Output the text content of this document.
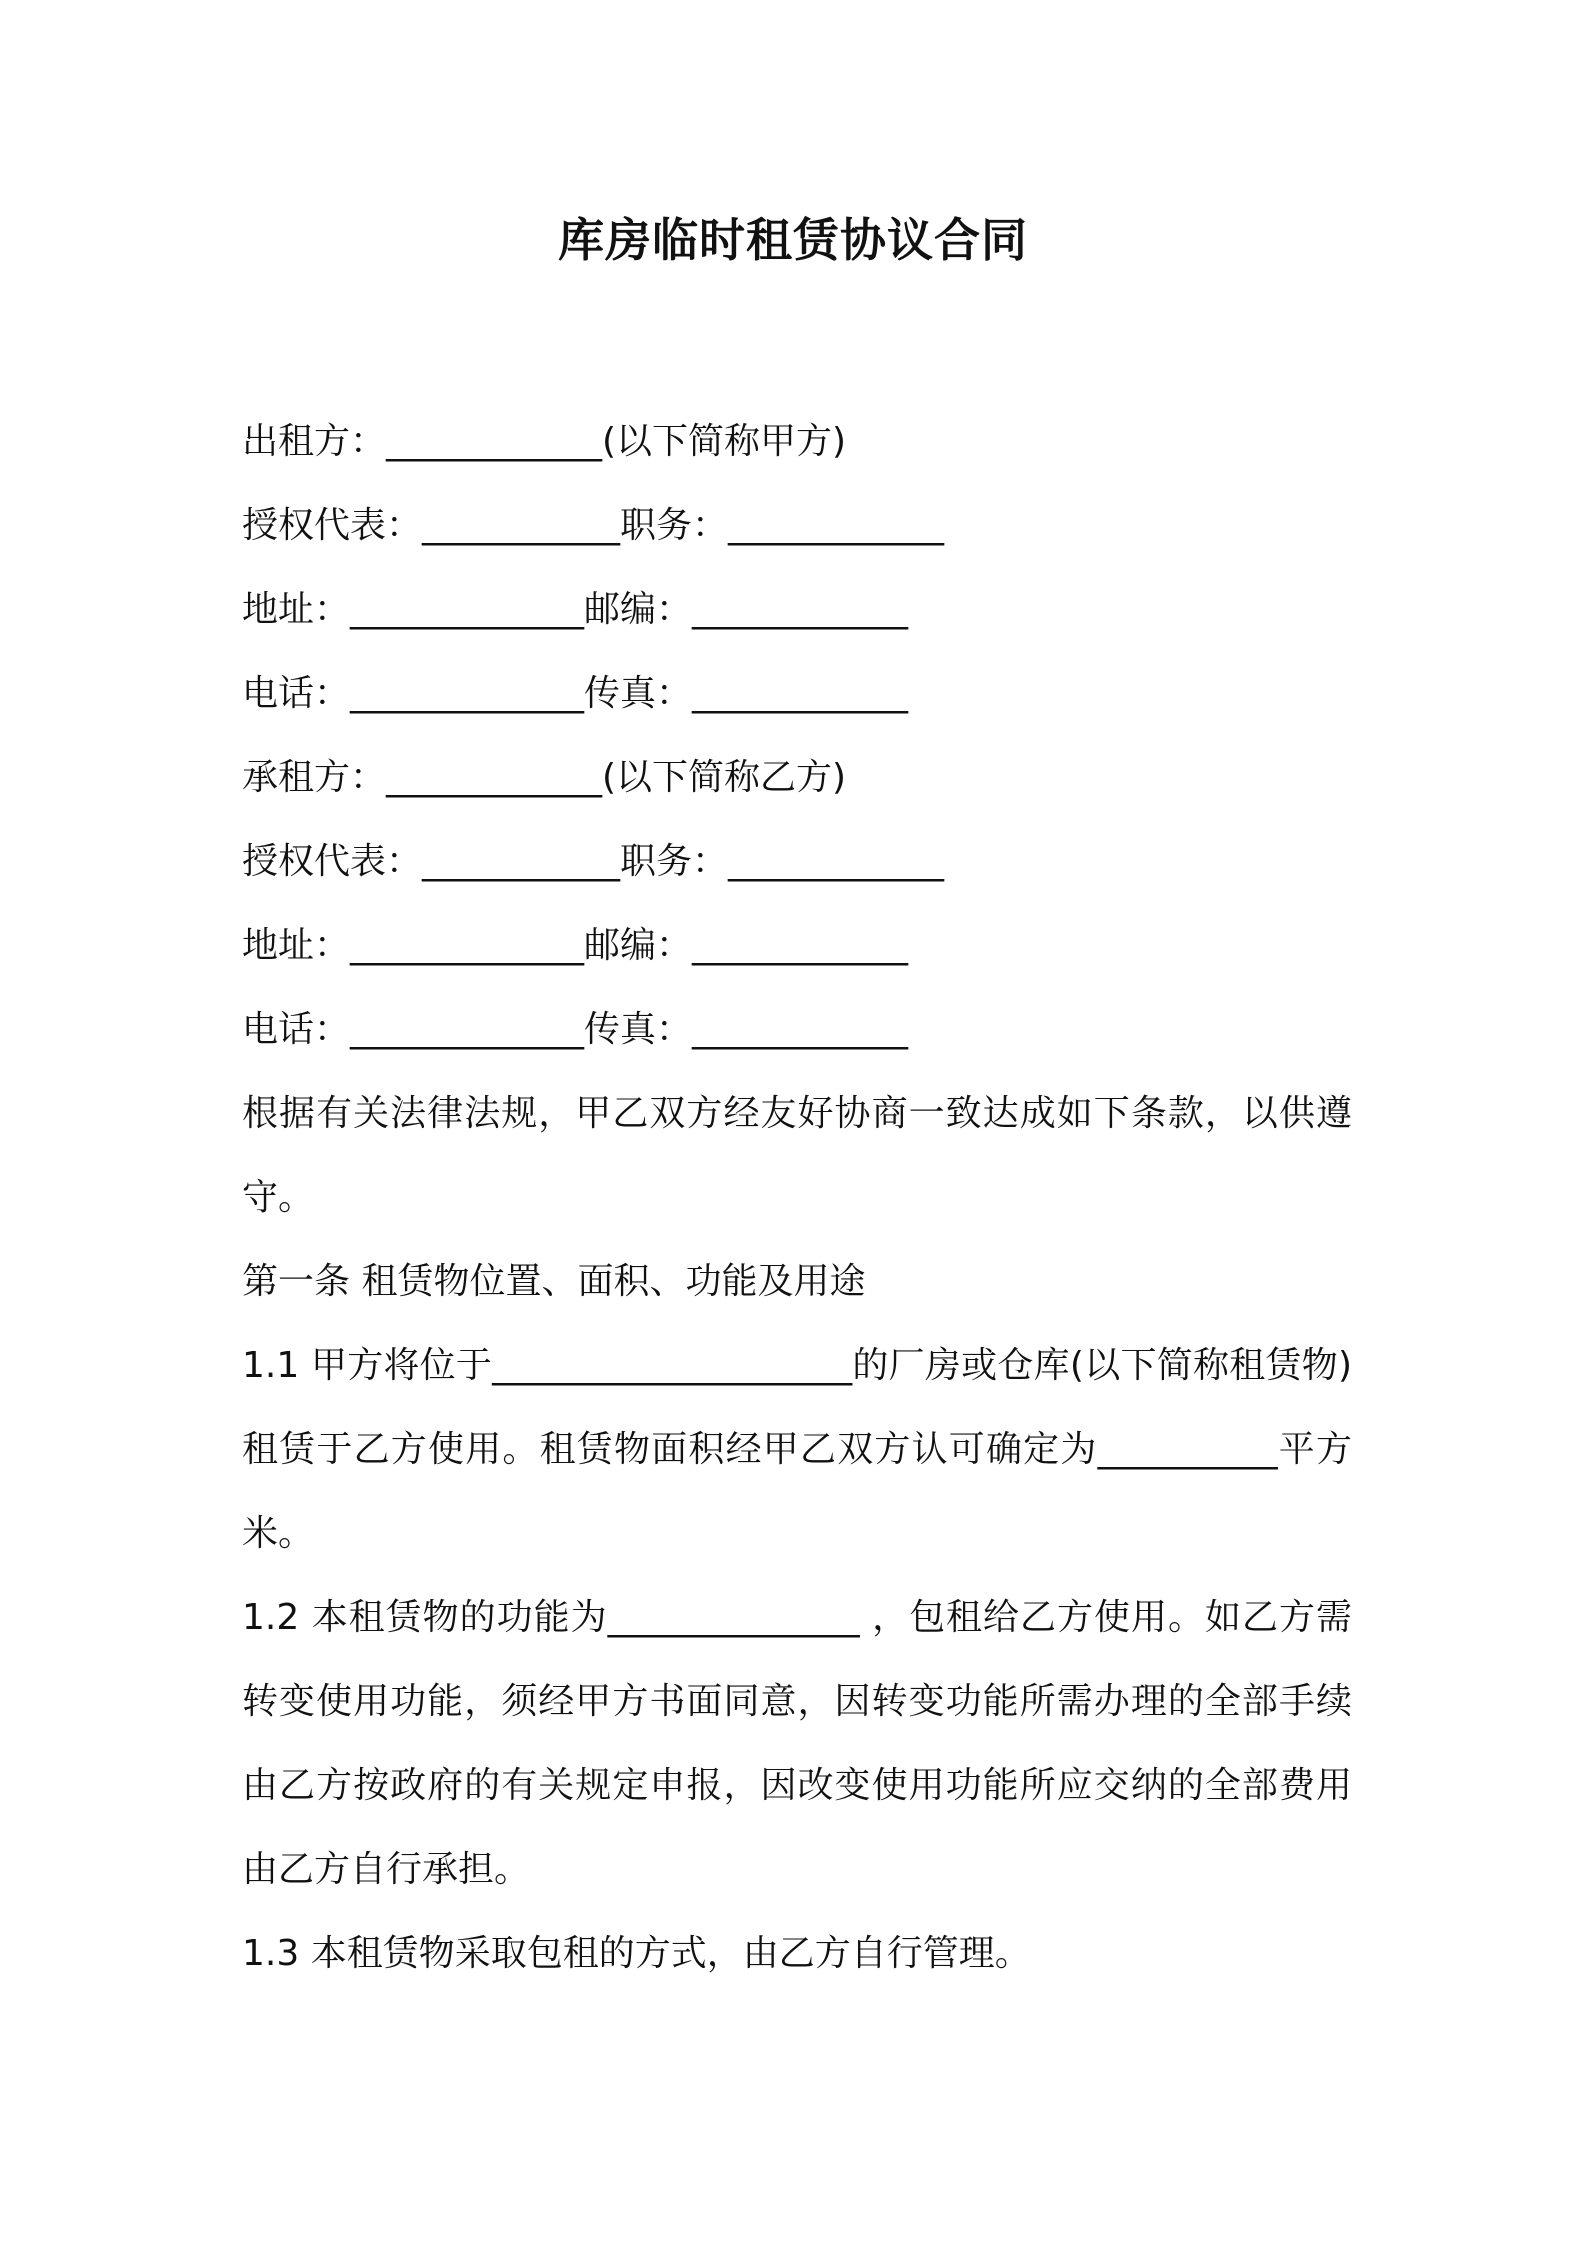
库房临时租赁协议合同
出租方：____________(以下简称甲方)
授权代表：___________职务：____________
地址：_____________邮编：____________
电话：_____________传真：____________
承租方：____________(以下简称乙方)
授权代表：___________职务：____________
地址：_____________邮编：____________
电话：_____________传真：____________
根据有关法律法规，甲乙双方经友好协商一致达成如下条款，以供遵守。
第一条 租赁物位置、面积、功能及用途
1.1 甲方将位于____________________的厂房或仓库(以下简称租赁物)租赁于乙方使用。租赁物面积经甲乙双方认可确定为__________平方米。
1.2 本租赁物的功能为______________ ，包租给乙方使用。如乙方需转变使用功能，须经甲方书面同意，因转变功能所需办理的全部手续由乙方按政府的有关规定申报，因改变使用功能所应交纳的全部费用由乙方自行承担。
1.3 本租赁物采取包租的方式，由乙方自行管理。
